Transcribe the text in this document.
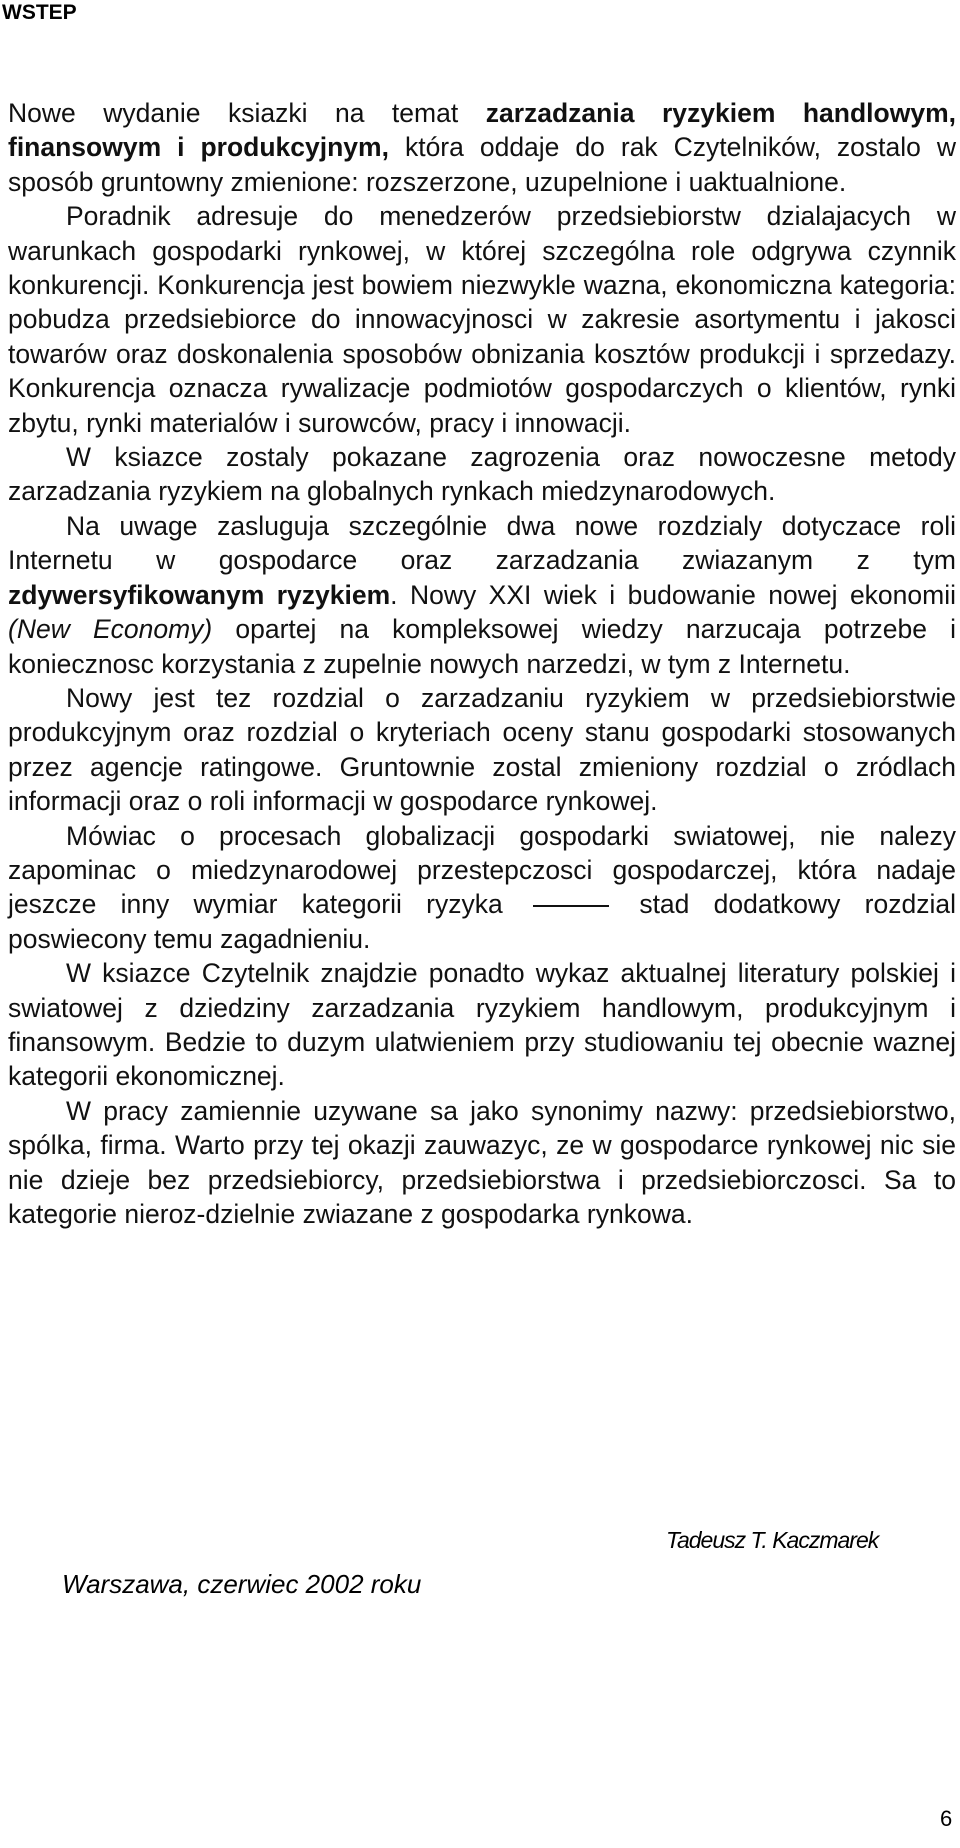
WSTEP

Nowe wydanie ksiazki na temat zarzadzania ryzykiem handlowym, finansowym i produkcyjnym, która oddaje do rak Czytelników, zostalo w sposób gruntowny zmienione: rozszerzone, uzupelnione i uaktualnione.

Poradnik adresuje do menedzerów przedsiebiorstw dzialajacych w warunkach gospodarki rynkowej, w której szczególna role odgrywa czynnik konkurencji. Konkurencja jest bowiem niezwykle wazna, ekonomiczna kategoria: pobudza przedsiebiorce do innowacyjnosci w zakresie asortymentu i jakosci towarów oraz doskonalenia sposobów obnizania kosztów produkcji i sprzedazy. Konkurencja oznacza rywalizacje podmiotów gospodarczych o klientów, rynki zbytu, rynki materialów i surowców, pracy i innowacji.

W ksiazce zostaly pokazane zagrozenia oraz nowoczesne metody zarzadzania ryzykiem na globalnych rynkach miedzynarodowych.

Na uwage zasluguja szczególnie dwa nowe rozdzialy dotyczace roli Internetu w gospodarce oraz zarzadzania zwiazanym z tym zdywersyfikowanym ryzykiem. Nowy XXI wiek i budowanie nowej ekonomii (New Economy) opartej na kompleksowej wiedzy narzucaja potrzebe i koniecznosc korzystania z zupelnie nowych narzedzi, w tym z Internetu.

Nowy jest tez rozdzial o zarzadzaniu ryzykiem w przedsiebiorstwie produkcyjnym oraz rozdzial o kryteriach oceny stanu gospodarki stosowanych przez agencje ratingowe. Gruntownie zostal zmieniony rozdzial o zródlach informacji oraz o roli informacji w gospodarce rynkowej.

Mówiac o procesach globalizacji gospodarki swiatowej, nie nalezy zapominac o miedzynarodowej przestepczosci gospodarczej, która nadaje jeszcze inny wymiar kategorii ryzyka	stad dodatkowy rozdzial poswiecony temu zagadnieniu.

W ksiazce Czytelnik znajdzie ponadto wykaz aktualnej literatury polskiej i swiatowej z dziedziny zarzadzania ryzykiem handlowym, produkcyjnym i finansowym. Bedzie to duzym ulatwieniem przy studiowaniu tej obecnie waznej kategorii ekonomicznej.

W pracy zamiennie uzywane sa jako synonimy nazwy: przedsiebiorstwo, spólka, firma. Warto przy tej okazji zauwazyc, ze w gospodarce rynkowej nic sie nie dzieje bez przedsiebiorcy, przedsiebiorstwa i przedsiebiorczosci. Sa to kategorie nieroz-dzielnie zwiazane z gospodarka rynkowa.

Tadeusz T. Kaczmarek

Warszawa, czerwiec 2002 roku

6
